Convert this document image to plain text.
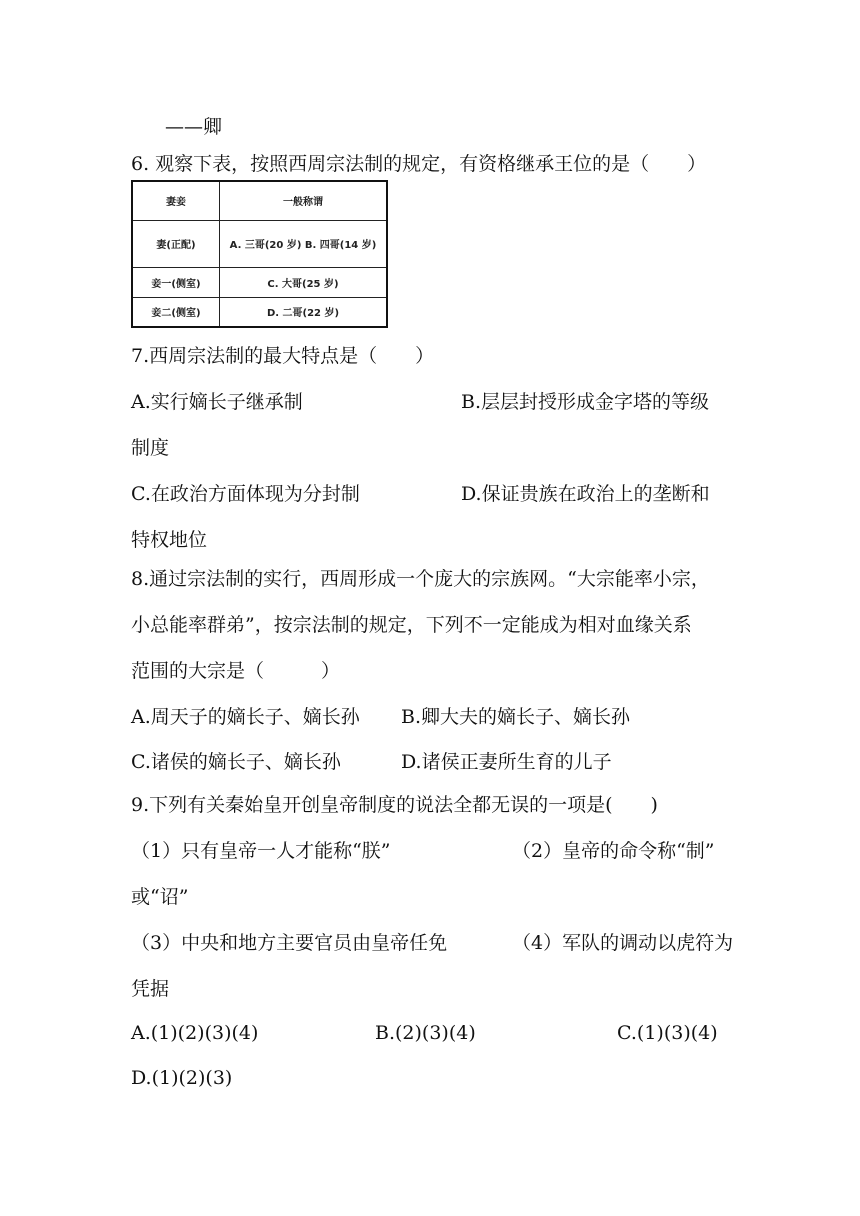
——卿
6. 观察下表，按照西周宗法制的规定，有资格继承王位的是（　　）
妻妾	一般称谓
妻(正配)	A. 三哥(20 岁) B. 四哥(14 岁)
妾一(侧室)	C. 大哥(25 岁)
妾二(侧室)	D. 二哥(22 岁)
7.西周宗法制的最大特点是（　　）
A.实行嫡长子继承制	B.层层封授形成金字塔的等级
制度
C.在政治方面体现为分封制	D.保证贵族在政治上的垄断和
特权地位
8.通过宗法制的实行，西周形成一个庞大的宗族网。“大宗能率小宗，
小总能率群弟”，按宗法制的规定，下列不一定能成为相对血缘关系
范围的大宗是（　　　）
A.周天子的嫡长子、嫡长孙 B.卿大夫的嫡长子、嫡长孙
C.诸侯的嫡长子、嫡长孙	D.诸侯正妻所生育的儿子
9.下列有关秦始皇开创皇帝制度的说法全都无误的一项是(　　)
（1）只有皇帝一人才能称“朕”	（2）皇帝的命令称“制”
或“诏”
（3）中央和地方主要官员由皇帝任免	（4）军队的调动以虎符为
凭据
A.(1)(2)(3)(4)	B.(2)(3)(4)	C.(1)(3)(4)
D.(1)(2)(3)
